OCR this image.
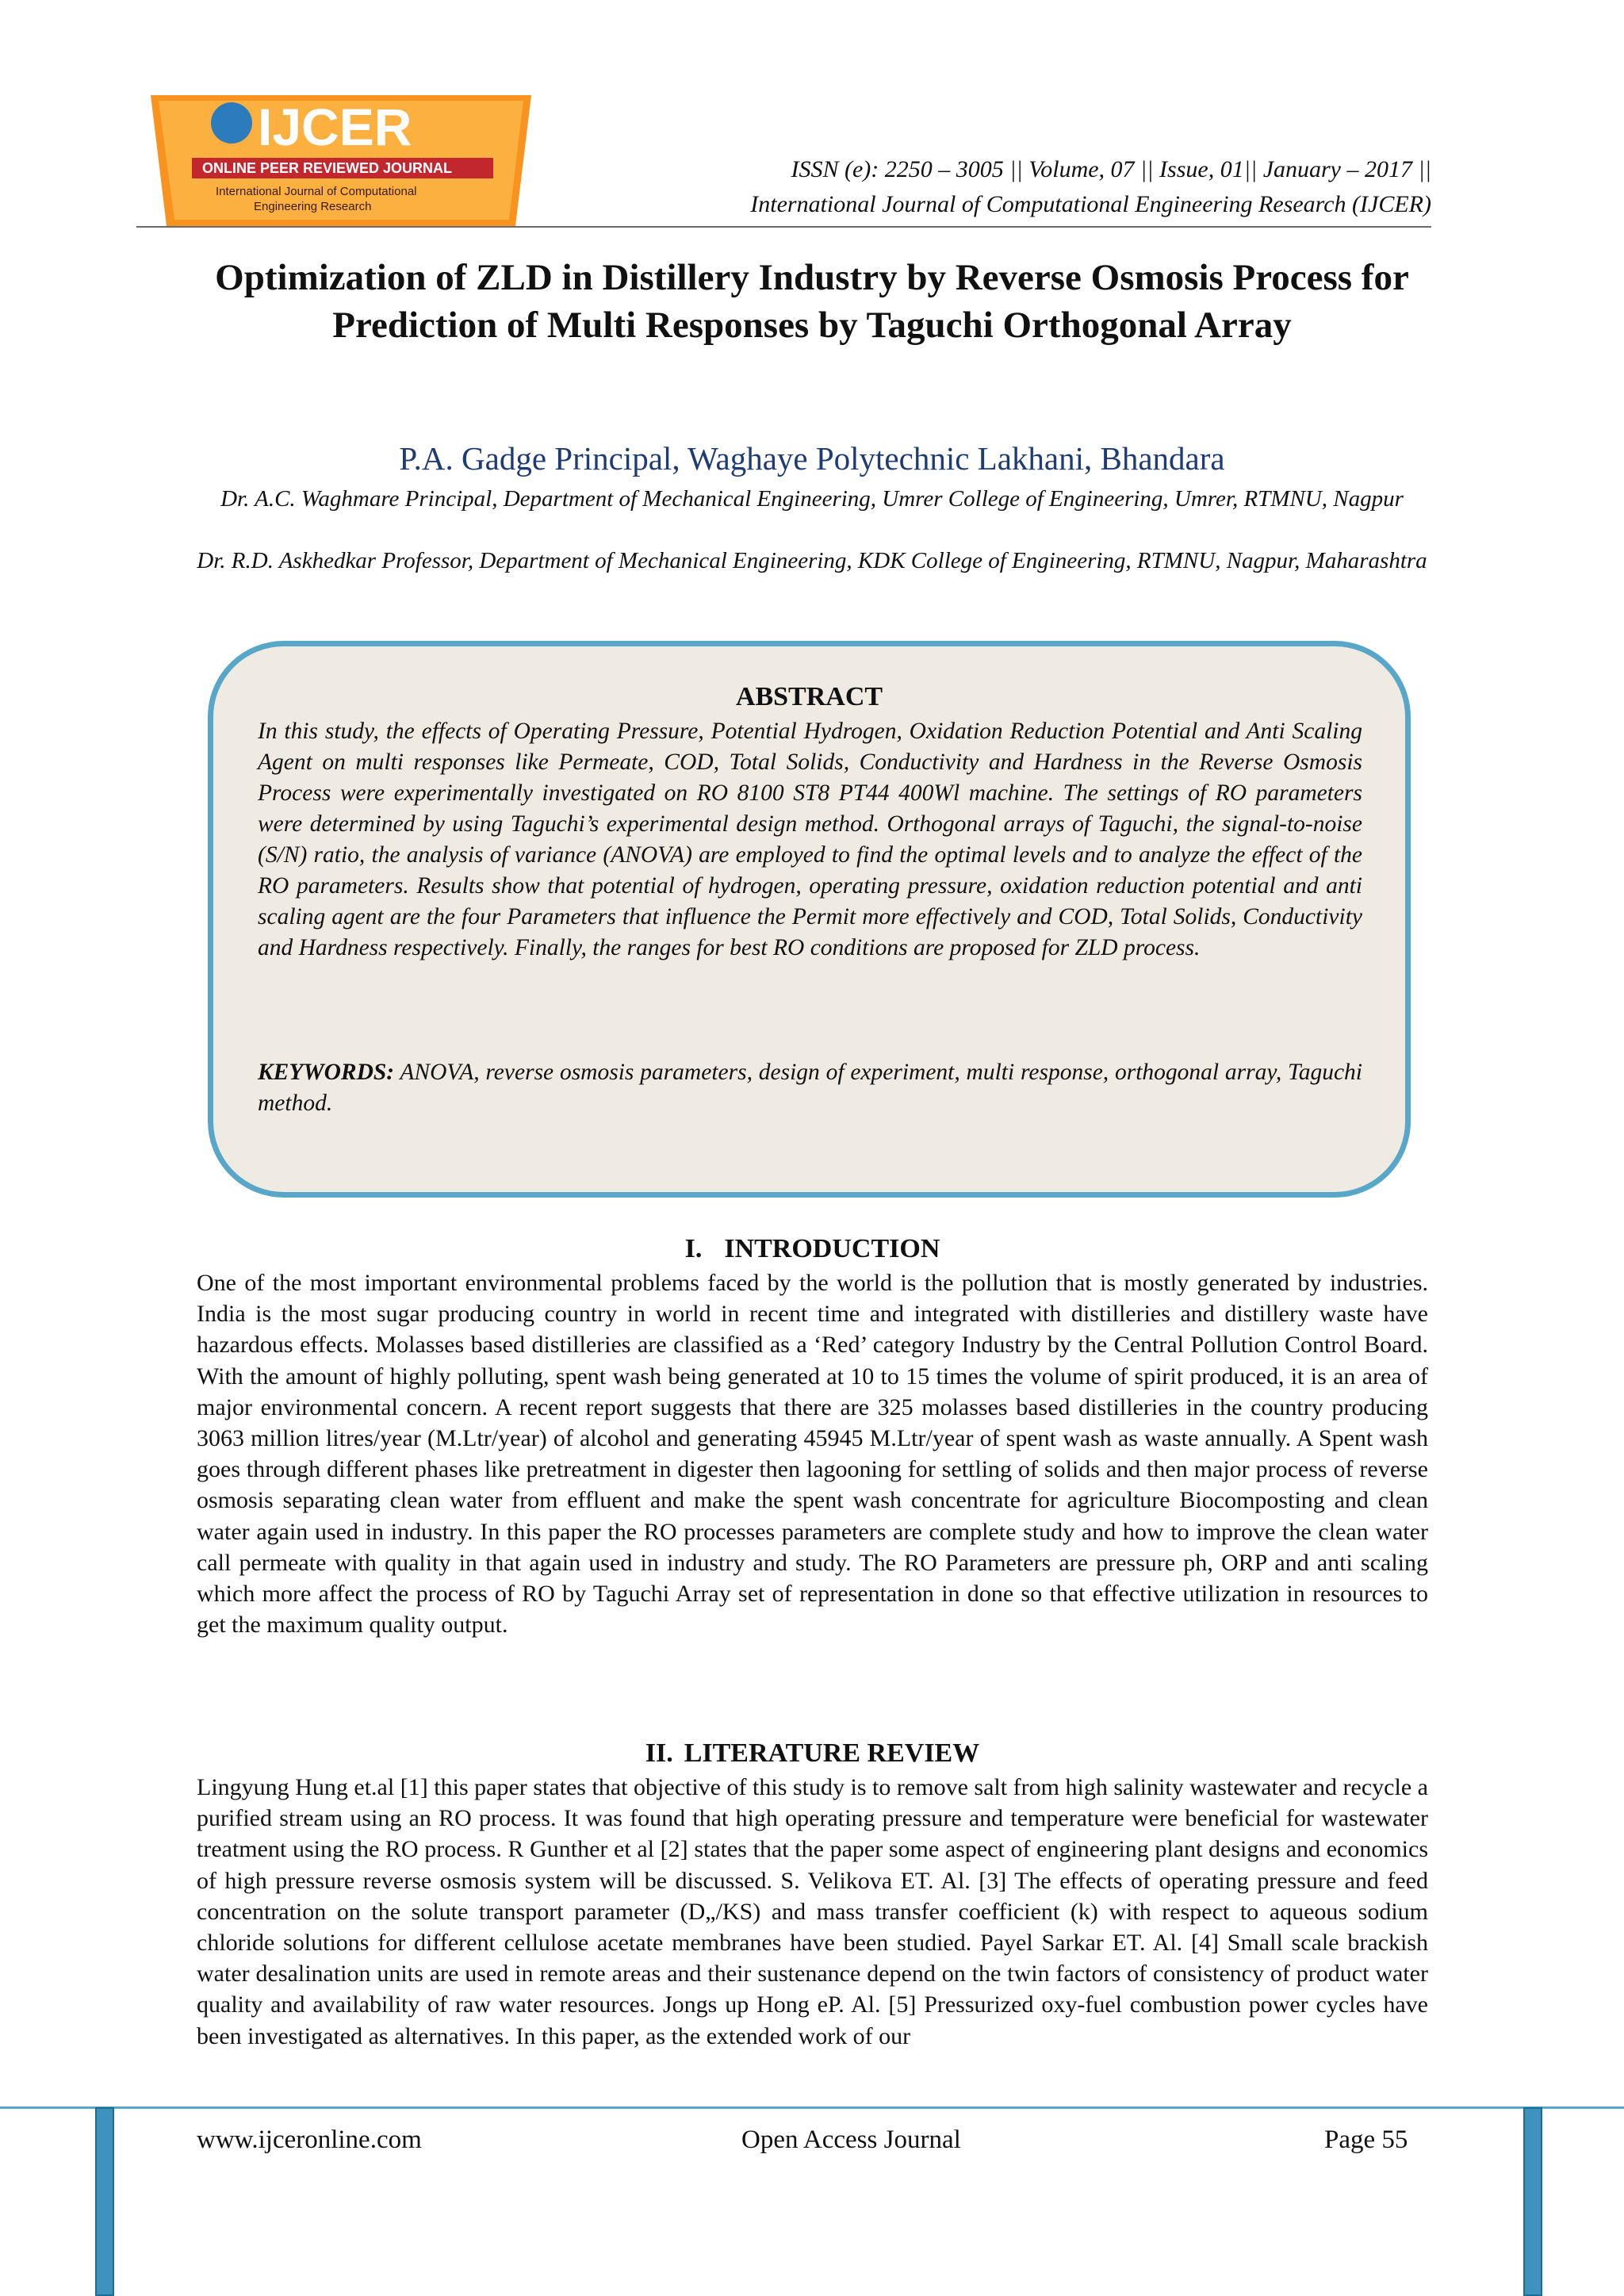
IJCER
ONLINE PEER REVIEWED JOURNAL
International Journal of Computational
Engineering Research
ISSN (e): 2250 – 3005 || Volume, 07 || Issue, 01|| January – 2017 ||
International Journal of Computational Engineering Research (IJCER)
Optimization of ZLD in Distillery Industry by Reverse Osmosis Process for Prediction of Multi Responses by Taguchi Orthogonal Array
P.A. Gadge Principal, Waghaye Polytechnic Lakhani, Bhandara
Dr. A.C. Waghmare Principal, Department of Mechanical Engineering, Umrer College of Engineering, Umrer, RTMNU, Nagpur
Dr. R.D. Askhedkar Professor, Department of Mechanical Engineering, KDK College of Engineering, RTMNU, Nagpur, Maharashtra
ABSTRACT
In this study, the effects of Operating Pressure, Potential Hydrogen, Oxidation Reduction Potential and Anti Scaling Agent on multi responses like Permeate, COD, Total Solids, Conductivity and Hardness in the Reverse Osmosis Process were experimentally investigated on RO 8100 ST8 PT44 400Wl machine. The settings of RO parameters were determined by using Taguchi’s experimental design method. Orthogonal arrays of Taguchi, the signal-to-noise (S/N) ratio, the analysis of variance (ANOVA) are employed to find the optimal levels and to analyze the effect of the RO parameters. Results show that potential of hydrogen, operating pressure, oxidation reduction potential and anti scaling agent are the four Parameters that influence the Permit more effectively and COD, Total Solids, Conductivity and Hardness respectively. Finally, the ranges for best RO conditions are proposed for ZLD process.
KEYWORDS: ANOVA, reverse osmosis parameters, design of experiment, multi response, orthogonal array, Taguchi method.
I. INTRODUCTION
One of the most important environmental problems faced by the world is the pollution that is mostly generated by industries. India is the most sugar producing country in world in recent time and integrated with distilleries and distillery waste have hazardous effects. Molasses based distilleries are classified as a ‘Red’ category Industry by the Central Pollution Control Board. With the amount of highly polluting, spent wash being generated at 10 to 15 times the volume of spirit produced, it is an area of major environmental concern. A recent report suggests that there are 325 molasses based distilleries in the country producing 3063 million litres/year (M.Ltr/year) of alcohol and generating 45945 M.Ltr/year of spent wash as waste annually. A Spent wash goes through different phases like pretreatment in digester then lagooning for settling of solids and then major process of reverse osmosis separating clean water from effluent and make the spent wash concentrate for agriculture Biocomposting and clean water again used in industry. In this paper the RO processes parameters are complete study and how to improve the clean water call permeate with quality in that again used in industry and study. The RO Parameters are pressure ph, ORP and anti scaling which more affect the process of RO by Taguchi Array set of representation in done so that effective utilization in resources to get the maximum quality output.
II. LITERATURE REVIEW
Lingyung Hung et.al [1] this paper states that objective of this study is to remove salt from high salinity wastewater and recycle a purified stream using an RO process. It was found that high operating pressure and temperature were beneficial for wastewater treatment using the RO process. R Gunther et al [2] states that the paper some aspect of engineering plant designs and economics of high pressure reverse osmosis system will be discussed. S. Velikova ET. Al. [3] The effects of operating pressure and feed concentration on the solute transport parameter (D„/KS) and mass transfer coefficient (k) with respect to aqueous sodium chloride solutions for different cellulose acetate membranes have been studied. Payel Sarkar ET. Al. [4] Small scale brackish water desalination units are used in remote areas and their sustenance depend on the twin factors of consistency of product water quality and availability of raw water resources. Jongs up Hong eP. Al. [5] Pressurized oxy-fuel combustion power cycles have been investigated as alternatives. In this paper, as the extended work of our
www.ijceronline.com	Open Access Journal	Page 55
